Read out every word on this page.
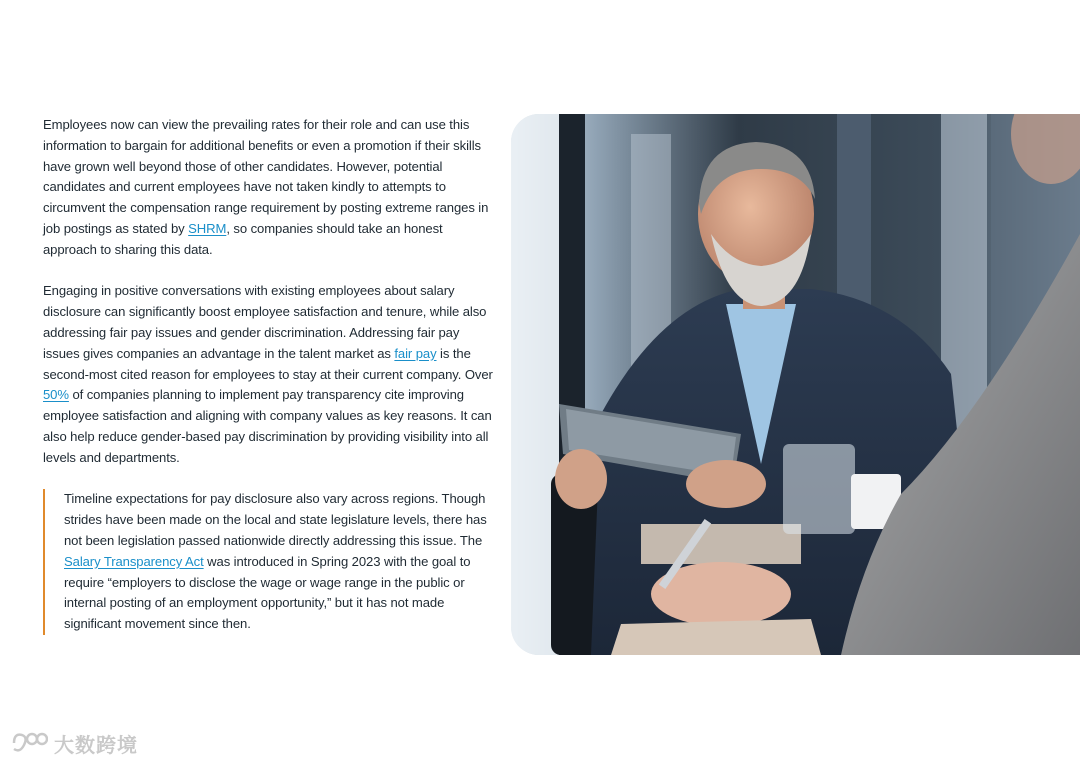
Employees now can view the prevailing rates for their role and can use this information to bargain for additional benefits or even a promotion if their skills have grown well beyond those of other candidates. However, potential candidates and current employees have not taken kindly to attempts to circumvent the compensation range requirement by posting extreme ranges in job postings as stated by SHRM, so companies should take an honest approach to sharing this data.

Engaging in positive conversations with existing employees about salary disclosure can significantly boost employee satisfaction and tenure, while also addressing fair pay issues and gender discrimination. Addressing fair pay issues gives companies an advantage in the talent market as fair pay is the second-most cited reason for employees to stay at their current company. Over 50% of companies planning to implement pay transparency cite improving employee satisfaction and aligning with company values as key reasons. It can also help reduce gender-based pay discrimination by providing visibility into all levels and departments.

Timeline expectations for pay disclosure also vary across regions. Though strides have been made on the local and state legislature levels, there has not been legislation passed nationwide directly addressing this issue. The Salary Transparency Act was introduced in Spring 2023 with the goal to require “employers to disclose the wage or wage range in the public or internal posting of an employment opportunity,” but it has not made significant movement since then.

大数跨境
